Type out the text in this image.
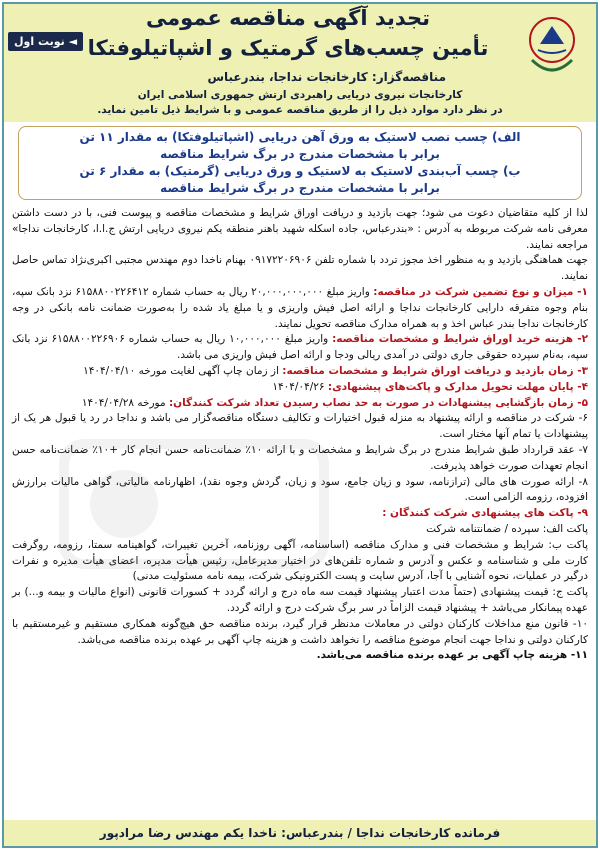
تجدید آگهی مناقصه عمومی
تأمین چسب‌های گرمتیک و اشپاتیلوفتکا
◄ نوبت اول
مناقصه‌گزار: کارخانجات نداجا، بندرعباس
کارخانجات نیروی دریایی راهبردی ارتش جمهوری اسلامی ایران
در نظر دارد موارد ذیل را از طریق مناقصه عمومی و با شرایط ذیل تامین نماید.
الف) چسب نصب لاستیک به ورق آهن دریایی (اشپاتیلوفتکا) به مقدار ۱۱ تن
برابر با مشخصات مندرج در برگ شرایط مناقصه
ب) چسب آب‌بندی لاستیک به لاستیک و ورق دریایی (گرمتیک) به مقدار ۶ تن
برابر با مشخصات مندرج در برگ شرایط مناقصه

لذا از کلیه متقاضیان دعوت می شود؛ جهت بازدید و دریافت اوراق شرایط و مشخصات مناقصه و پیوست فنی، با در دست داشتن معرفی نامه شرکت مربوطه به آدرس : «بندرعباس، جاده اسکله شهید باهنر منطقه یکم نیروی دریایی ارتش ج.ا.ا، کارخانجات نداجا» مراجعه نمایند.

جهت هماهنگی بازدید و به منظور اخذ مجوز تردد با شماره تلفن ۰۹۱۷۲۲۰۶۹۰۶ بهنام ناخدا دوم مهندس مجتبی اکبری‌نژاد تماس حاصل نمایند.

۱- میزان و نوع تضمین شرکت در مناقصه: واریز مبلغ ۲۰,۰۰۰,۰۰۰,۰۰۰ ریال به حساب شماره ۶۱۵۸۸۰۰۲۲۶۴۱۲ نزد بانک سپه، بنام وجوه متفرقه دارایی کارخانجات نداجا و ارائه اصل فیش واریزی و یا مبلغ یاد شده را به‌صورت ضمانت نامه بانکی در وجه کارخانجات نداجا بندر عباس اخذ و به همراه مدارک مناقصه تحویل نمایند.

۲- هزینه خرید اوراق شرایط و مشخصات مناقصه: واریز مبلغ ۱۰,۰۰۰,۰۰۰ ریال به حساب شماره ۶۱۵۸۸۰۰۲۲۶۹۰۶ نزد بانک سپه، به‌نام سپرده حقوقی جاری دولتی در آمدی ریالی ودجا و ارائه اصل فیش واریزی می باشد.

۳- زمان بازدید و دریافت اوراق شرایط و مشخصات مناقصه: از زمان چاپ آگهی لغایت مورخه ۱۴۰۴/۰۴/۱۰

۴- پایان مهلت تحویل مدارک و پاکت‌های پیشنهادی: ۱۴۰۴/۰۴/۲۶

۵- زمان بازگشایی پیشنهادات در صورت به حد نصاب رسیدن تعداد شرکت کنندگان: مورخه ۱۴۰۴/۰۴/۲۸

۶- شرکت در مناقصه و ارائه پیشنهاد به منزله قبول اختیارات و تکالیف دستگاه مناقصه‌گزار می باشد و نداجا در رد یا قبول هر یک از پیشنهادات یا تمام آنها مختار است.

۷- عقد قرارداد طبق شرایط مندرج در برگ شرایط و مشخصات و با ارائه ۱۰٪ ضمانت‌نامه حسن انجام کار +۱۰٪ ضمانت‌نامه حسن انجام تعهدات صورت خواهد پذیرفت.

۸- ارائه صورت های مالی (ترازنامه، سود و زیان جامع، سود و زیان، گردش وجوه نقد)، اظهارنامه مالیاتی، گواهی مالیات برارزش افزوده، رزومه الزامی است.

۹- پاکت های پیشنهادی شرکت کنندگان :

پاکت الف: سپرده / ضمانتنامه شرکت

پاکت ب: شرایط و مشخصات فنی و مدارک مناقصه (اساسنامه، آگهی روزنامه، آخرین تغییرات، گواهینامه سمتا، رزومه، روگرفت کارت ملی و شناسنامه و عکس و آدرس و شماره تلفن‌های در اختیار مدیرعامل، رئیس هیأت مدیره، اعضای هیأت مدیره و نفرات درگیر در عملیات، نحوه آشنایی با آجا، آدرس سایت و پست الکترونیکی شرکت، بیمه نامه مسئولیت مدنی)

پاکت ج: قیمت پیشنهادی (حتماً مدت اعتبار پیشنهاد قیمت سه ماه درج و ارائه گردد + کسورات قانونی (انواع مالیات و بیمه و...) بر عهده پیمانکار می‌باشد + پیشنهاد قیمت الزاماً در سر برگ شرکت درج و ارائه گردد.

۱۰- قانون منع مداخلات کارکنان دولتی در معاملات مدنظر قرار گیرد، برنده مناقصه حق هیچ‌گونه همکاری مستقیم و غیرمستقیم با کارکنان دولتی و نداجا جهت انجام موضوع مناقصه را نخواهد داشت و هزینه چاپ آگهی بر عهده برنده مناقصه می‌باشد.

۱۱- هزینه چاپ آگهی بر عهده برنده مناقصه می‌باشد.

فرمانده کارخانجات نداجا / بندرعباس: ناخدا یکم مهندس رضا مرادپور
